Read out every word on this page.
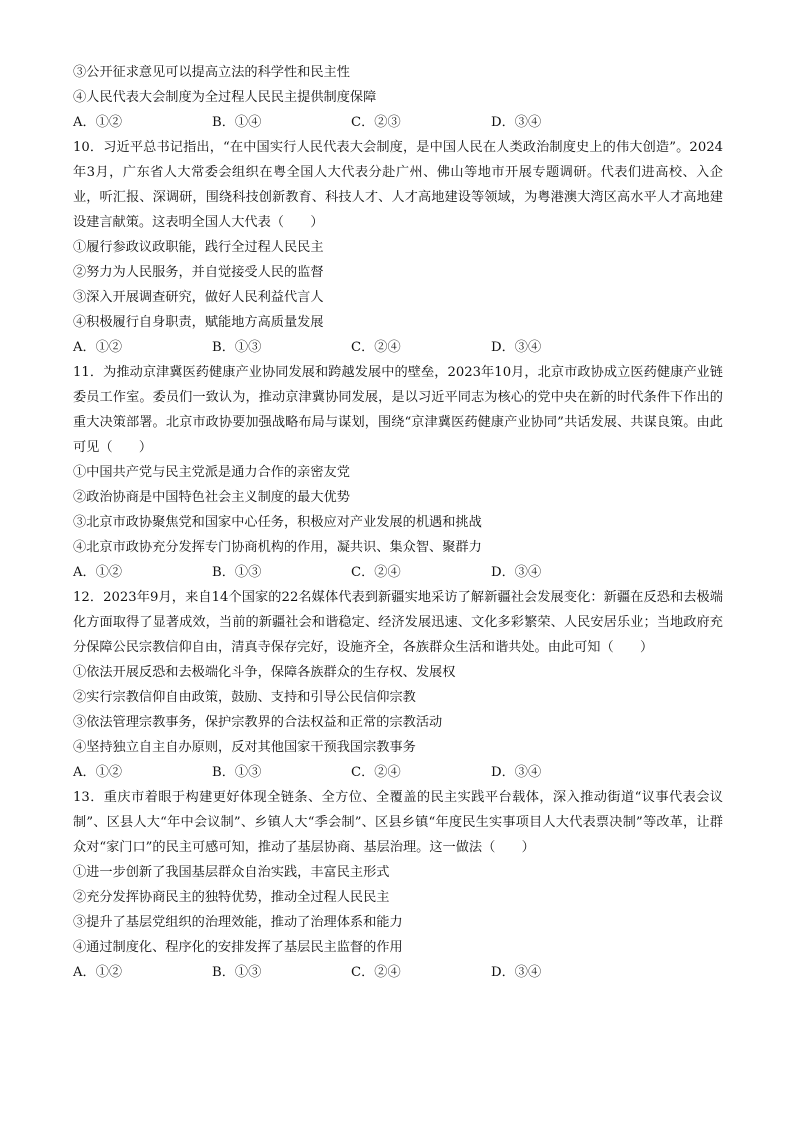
③公开征求意见可以提高立法的科学性和民主性
④人民代表大会制度为全过程人民民主提供制度保障
A．①②	B．①④	C．②③	D．③④
10．习近平总书记指出，“在中国实行人民代表大会制度，是中国人民在人类政治制度史上的伟大创造”。2024年3月，广东省人大常委会组织在粤全国人大代表分赴广州、佛山等地市开展专题调研。代表们进高校、入企业，听汇报、深调研，围绕科技创新教育、科技人才、人才高地建设等领域，为粤港澳大湾区高水平人才高地建设建言献策。这表明全国人大代表（　　）
①履行参政议政职能，践行全过程人民民主
②努力为人民服务，并自觉接受人民的监督
③深入开展调查研究，做好人民利益代言人
④积极履行自身职责，赋能地方高质量发展
A．①②	B．①③	C．②④	D．③④
11．为推动京津冀医药健康产业协同发展和跨越发展中的壁垒，2023年10月，北京市政协成立医药健康产业链委员工作室。委员们一致认为，推动京津冀协同发展，是以习近平同志为核心的党中央在新的时代条件下作出的重大决策部署。北京市政协要加强战略布局与谋划，围绕“京津冀医药健康产业协同”共话发展、共谋良策。由此可见（　　）
①中国共产党与民主党派是通力合作的亲密友党
②政治协商是中国特色社会主义制度的最大优势
③北京市政协聚焦党和国家中心任务，积极应对产业发展的机遇和挑战
④北京市政协充分发挥专门协商机构的作用，凝共识、集众智、聚群力
A．①②	B．①③	C．②④	D．③④
12．2023年9月，来自14个国家的22名媒体代表到新疆实地采访了解新疆社会发展变化：新疆在反恐和去极端化方面取得了显著成效，当前的新疆社会和谐稳定、经济发展迅速、文化多彩繁荣、人民安居乐业；当地政府充分保障公民宗教信仰自由，清真寺保存完好，设施齐全，各族群众生活和谐共处。由此可知（　　）
①依法开展反恐和去极端化斗争，保障各族群众的生存权、发展权
②实行宗教信仰自由政策，鼓励、支持和引导公民信仰宗教
③依法管理宗教事务，保护宗教界的合法权益和正常的宗教活动
④坚持独立自主自办原则，反对其他国家干预我国宗教事务
A．①②	B．①③	C．②④	D．③④
13．重庆市着眼于构建更好体现全链条、全方位、全覆盖的民主实践平台载体，深入推动街道“议事代表会议制”、区县人大“年中会议制”、乡镇人大“季会制”、区县乡镇“年度民生实事项目人大代表票决制”等改革，让群众对“家门口”的民主可感可知，推动了基层协商、基层治理。这一做法（　　）
①进一步创新了我国基层群众自治实践，丰富民主形式
②充分发挥协商民主的独特优势，推动全过程人民民主
③提升了基层党组织的治理效能，推动了治理体系和能力
④通过制度化、程序化的安排发挥了基层民主监督的作用
A．①②	B．①③	C．②④	D．③④
